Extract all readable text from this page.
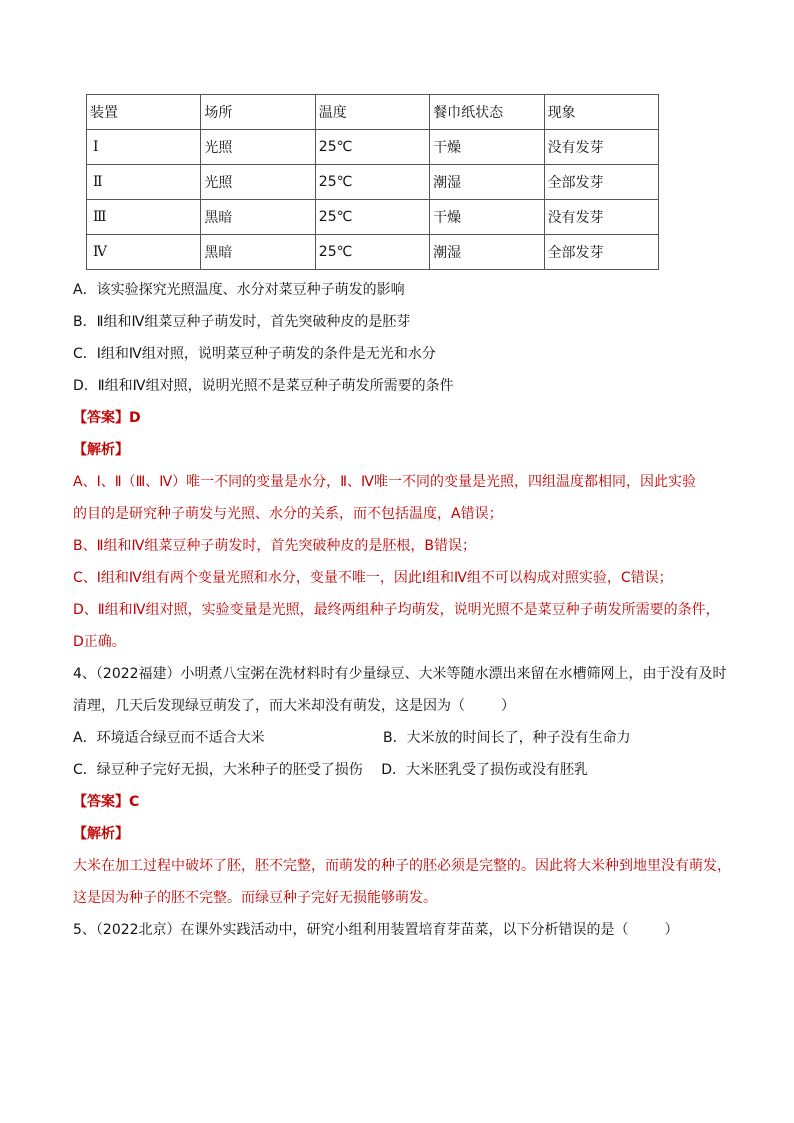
装置	场所	温度	餐巾纸状态	现象
Ⅰ	光照	25℃	干燥	没有发芽
Ⅱ	光照	25℃	潮湿	全部发芽
Ⅲ	黑暗	25℃	干燥	没有发芽
Ⅳ	黑暗	25℃	潮湿	全部发芽
A．该实验探究光照温度、水分对菜豆种子萌发的影响
B．Ⅱ组和Ⅳ组菜豆种子萌发时，首先突破种皮的是胚芽
C．Ⅰ组和Ⅳ组对照，说明菜豆种子萌发的条件是无光和水分
D．Ⅱ组和Ⅳ组对照，说明光照不是菜豆种子萌发所需要的条件
【答案】D
【解析】
A、Ⅰ、Ⅱ（Ⅲ、Ⅳ）唯一不同的变量是水分，Ⅱ、Ⅳ唯一不同的变量是光照，四组温度都相同，因此实验
的目的是研究种子萌发与光照、水分的关系，而不包括温度，A错误；
B、Ⅱ组和Ⅳ组菜豆种子萌发时，首先突破种皮的是胚根，B错误；
C、Ⅰ组和Ⅳ组有两个变量光照和水分，变量不唯一，因此Ⅰ组和Ⅳ组不可以构成对照实验，C错误；
D、Ⅱ组和Ⅳ组对照，实验变量是光照，最终两组种子均萌发，说明光照不是菜豆种子萌发所需要的条件，
D正确。
4、（2022福建）小明煮八宝粥在洗材料时有少量绿豆、大米等随水漂出来留在水槽筛网上，由于没有及时
清理，几天后发现绿豆萌发了，而大米却没有萌发，这是因为（	）
A．环境适合绿豆而不适合大米	B．大米放的时间长了，种子没有生命力
C．绿豆种子完好无损，大米种子的胚受了损伤　 D．大米胚乳受了损伤或没有胚乳
【答案】C
【解析】
大米在加工过程中破坏了胚，胚不完整，而萌发的种子的胚必须是完整的。因此将大米种到地里没有萌发，
这是因为种子的胚不完整。而绿豆种子完好无损能够萌发。
5、（2022北京）在课外实践活动中，研究小组利用装置培育芽苗菜，以下分析错误的是（	）
